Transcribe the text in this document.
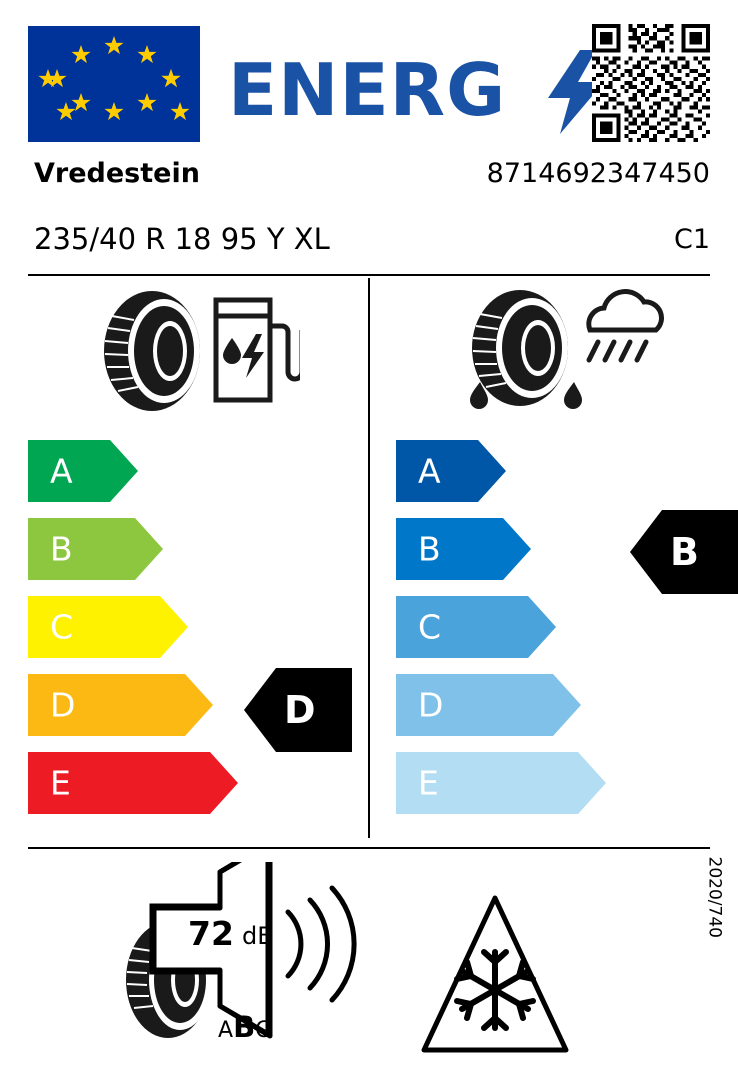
ENERG
Vredestein	8714692347450
235/40 R 18 95 Y XL	C1
A
B
C
D
E
A
B
C
D
E
D
B
72 dB
ABC
2020/740
